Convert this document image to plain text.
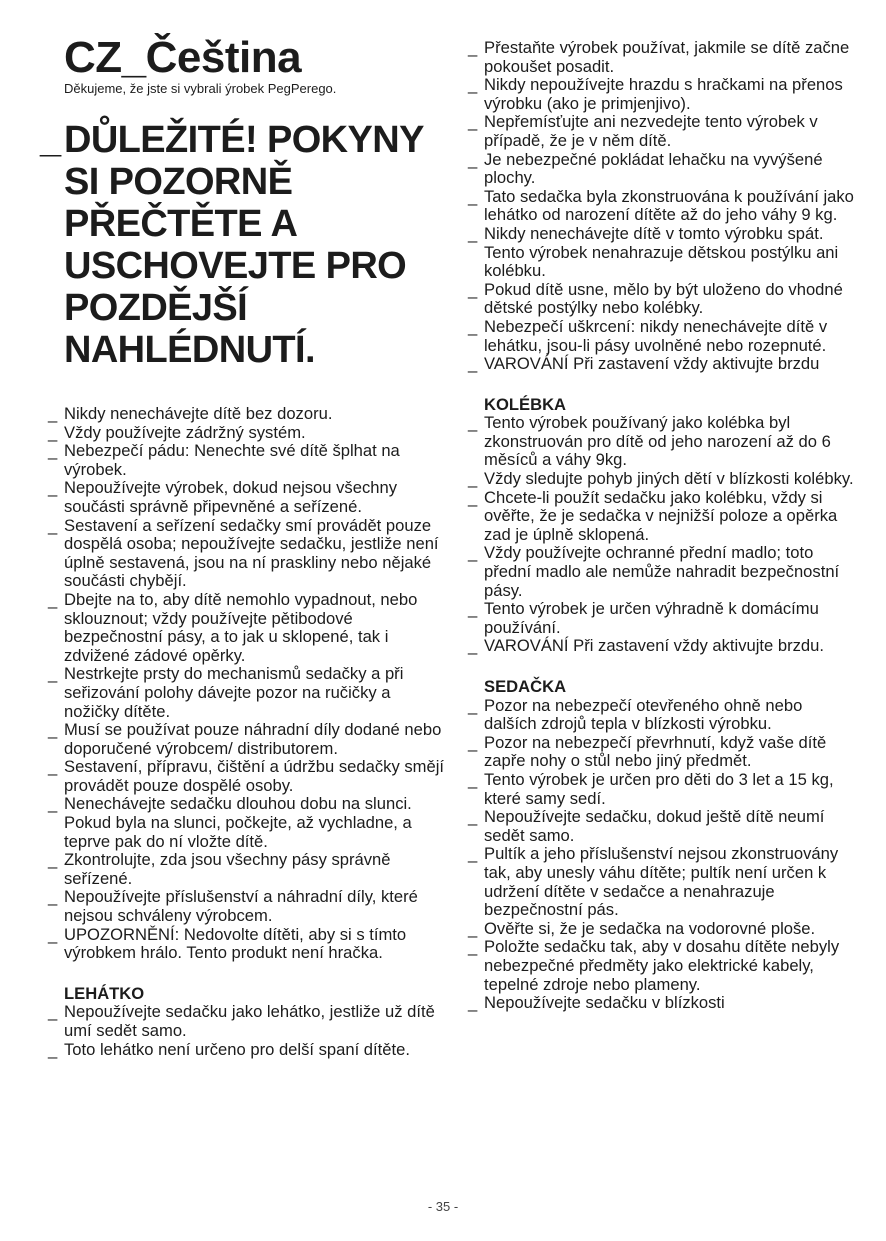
CZ_Čeština

Děkujeme, že jste si vybrali ýrobek PegPerego.

_ DŮLEŽITÉ! POKYNY SI POZORNĚ PŘEČTĚTE A USCHOVEJTE PRO POZDĚJŠÍ NAHLÉDNUTÍ.
_ Nikdy nenechávejte dítě bez dozoru.
_ Vždy používejte zádržný systém.
_ Nebezpečí pádu: Nenechte své dítě šplhat na výrobek.
_ Nepoužívejte výrobek, dokud nejsou všechny součásti správně připevněné a seřízené.
_ Sestavení a seřízení sedačky smí provádět pouze dospělá osoba; nepoužívejte sedačku, jestliže není úplně sestavená, jsou na ní praskliny nebo nějaké součásti chybějí.
_ Dbejte na to, aby dítě nemohlo vypadnout, nebo sklouznout; vždy používejte pětibodové bezpečnostní pásy, a to jak u sklopené, tak i zdvižené zádové opěrky.
_ Nestrkejte prsty do mechanismů sedačky a při seřizování polohy dávejte pozor na ručičky a nožičky dítěte.
_ Musí se používat pouze náhradní díly dodané nebo doporučené výrobcem/ distributorem.
_ Sestavení, přípravu, čištění a údržbu sedačky smějí provádět pouze dospělé osoby.
_ Nenechávejte sedačku dlouhou dobu na slunci. Pokud byla na slunci, počkejte, až vychladne, a teprve pak do ní vložte dítě.
_ Zkontrolujte, zda jsou všechny pásy správně seřízené.
_ Nepoužívejte příslušenství a náhradní díly, které nejsou schváleny výrobcem.
_ UPOZORNĚNÍ: Nedovolte dítěti, aby si s tímto výrobkem hrálo. Tento produkt není hračka.
LEHÁTKO
_ Nepoužívejte sedačku jako lehátko, jestliže už dítě umí sedět samo.
_ Toto lehátko není určeno pro delší spaní dítěte.
_ Přestaňte výrobek používat, jakmile se dítě začne pokoušet posadit.
_ Nikdy nepoužívejte hrazdu s hračkami na přenos výrobku (ako je primjenjivo).
_ Nepřemísťujte ani nezvedejte tento výrobek v případě, že je v něm dítě.
_ Je nebezpečné pokládat lehačku na vyvýšené plochy.
_ Tato sedačka byla zkonstruována k používání jako lehátko od narození dítěte až do jeho váhy 9 kg.
_ Nikdy nenechávejte dítě v tomto výrobku spát. Tento výrobek nenahrazuje dětskou postýlku ani kolébku.
_ Pokud dítě usne, mělo by být uloženo do vhodné dětské postýlky nebo kolébky.
_ Nebezpečí uškrcení: nikdy nenechávejte dítě v lehátku, jsou-li pásy uvolněné nebo rozepnuté.
_ VAROVÁNÍ Při zastavení vždy aktivujte brzdu
KOLÉBKA
_ Tento výrobek používaný jako kolébka byl zkonstruován pro dítě od jeho narození až do 6 měsíců a váhy 9kg.
_ Vždy sledujte pohyb jiných dětí v blízkosti kolébky.
_ Chcete-li použít sedačku jako kolébku, vždy si ověřte, že je sedačka v nejnižší poloze a opěrka zad je úplně sklopená.
_ Vždy používejte ochranné přední madlo; toto přední madlo ale nemůže nahradit bezpečnostní pásy.
_ Tento výrobek je určen výhradně k domácímu používání.
_ VAROVÁNÍ Při zastavení vždy aktivujte brzdu.
SEDAČKA
_ Pozor na nebezpečí otevřeného ohně nebo dalších zdrojů tepla v blízkosti výrobku.
_ Pozor na nebezpečí převrhnutí, když vaše dítě zapře nohy o stůl nebo jiný předmět.
_ Tento výrobek je určen pro děti do 3 let a 15 kg, které samy sedí.
_ Nepoužívejte sedačku, dokud ještě dítě neumí sedět samo.
_ Pultík a jeho příslušenství nejsou zkonstruovány tak, aby unesly váhu dítěte; pultík není určen k udržení dítěte v sedačce a nenahrazuje bezpečnostní pás.
_ Ověřte si, že je sedačka na vodorovné ploše.
_ Položte sedačku tak, aby v dosahu dítěte nebyly nebezpečné předměty jako elektrické kabely, tepelné zdroje nebo plameny.
_ Nepoužívejte sedačku v blízkosti
- 35 -
